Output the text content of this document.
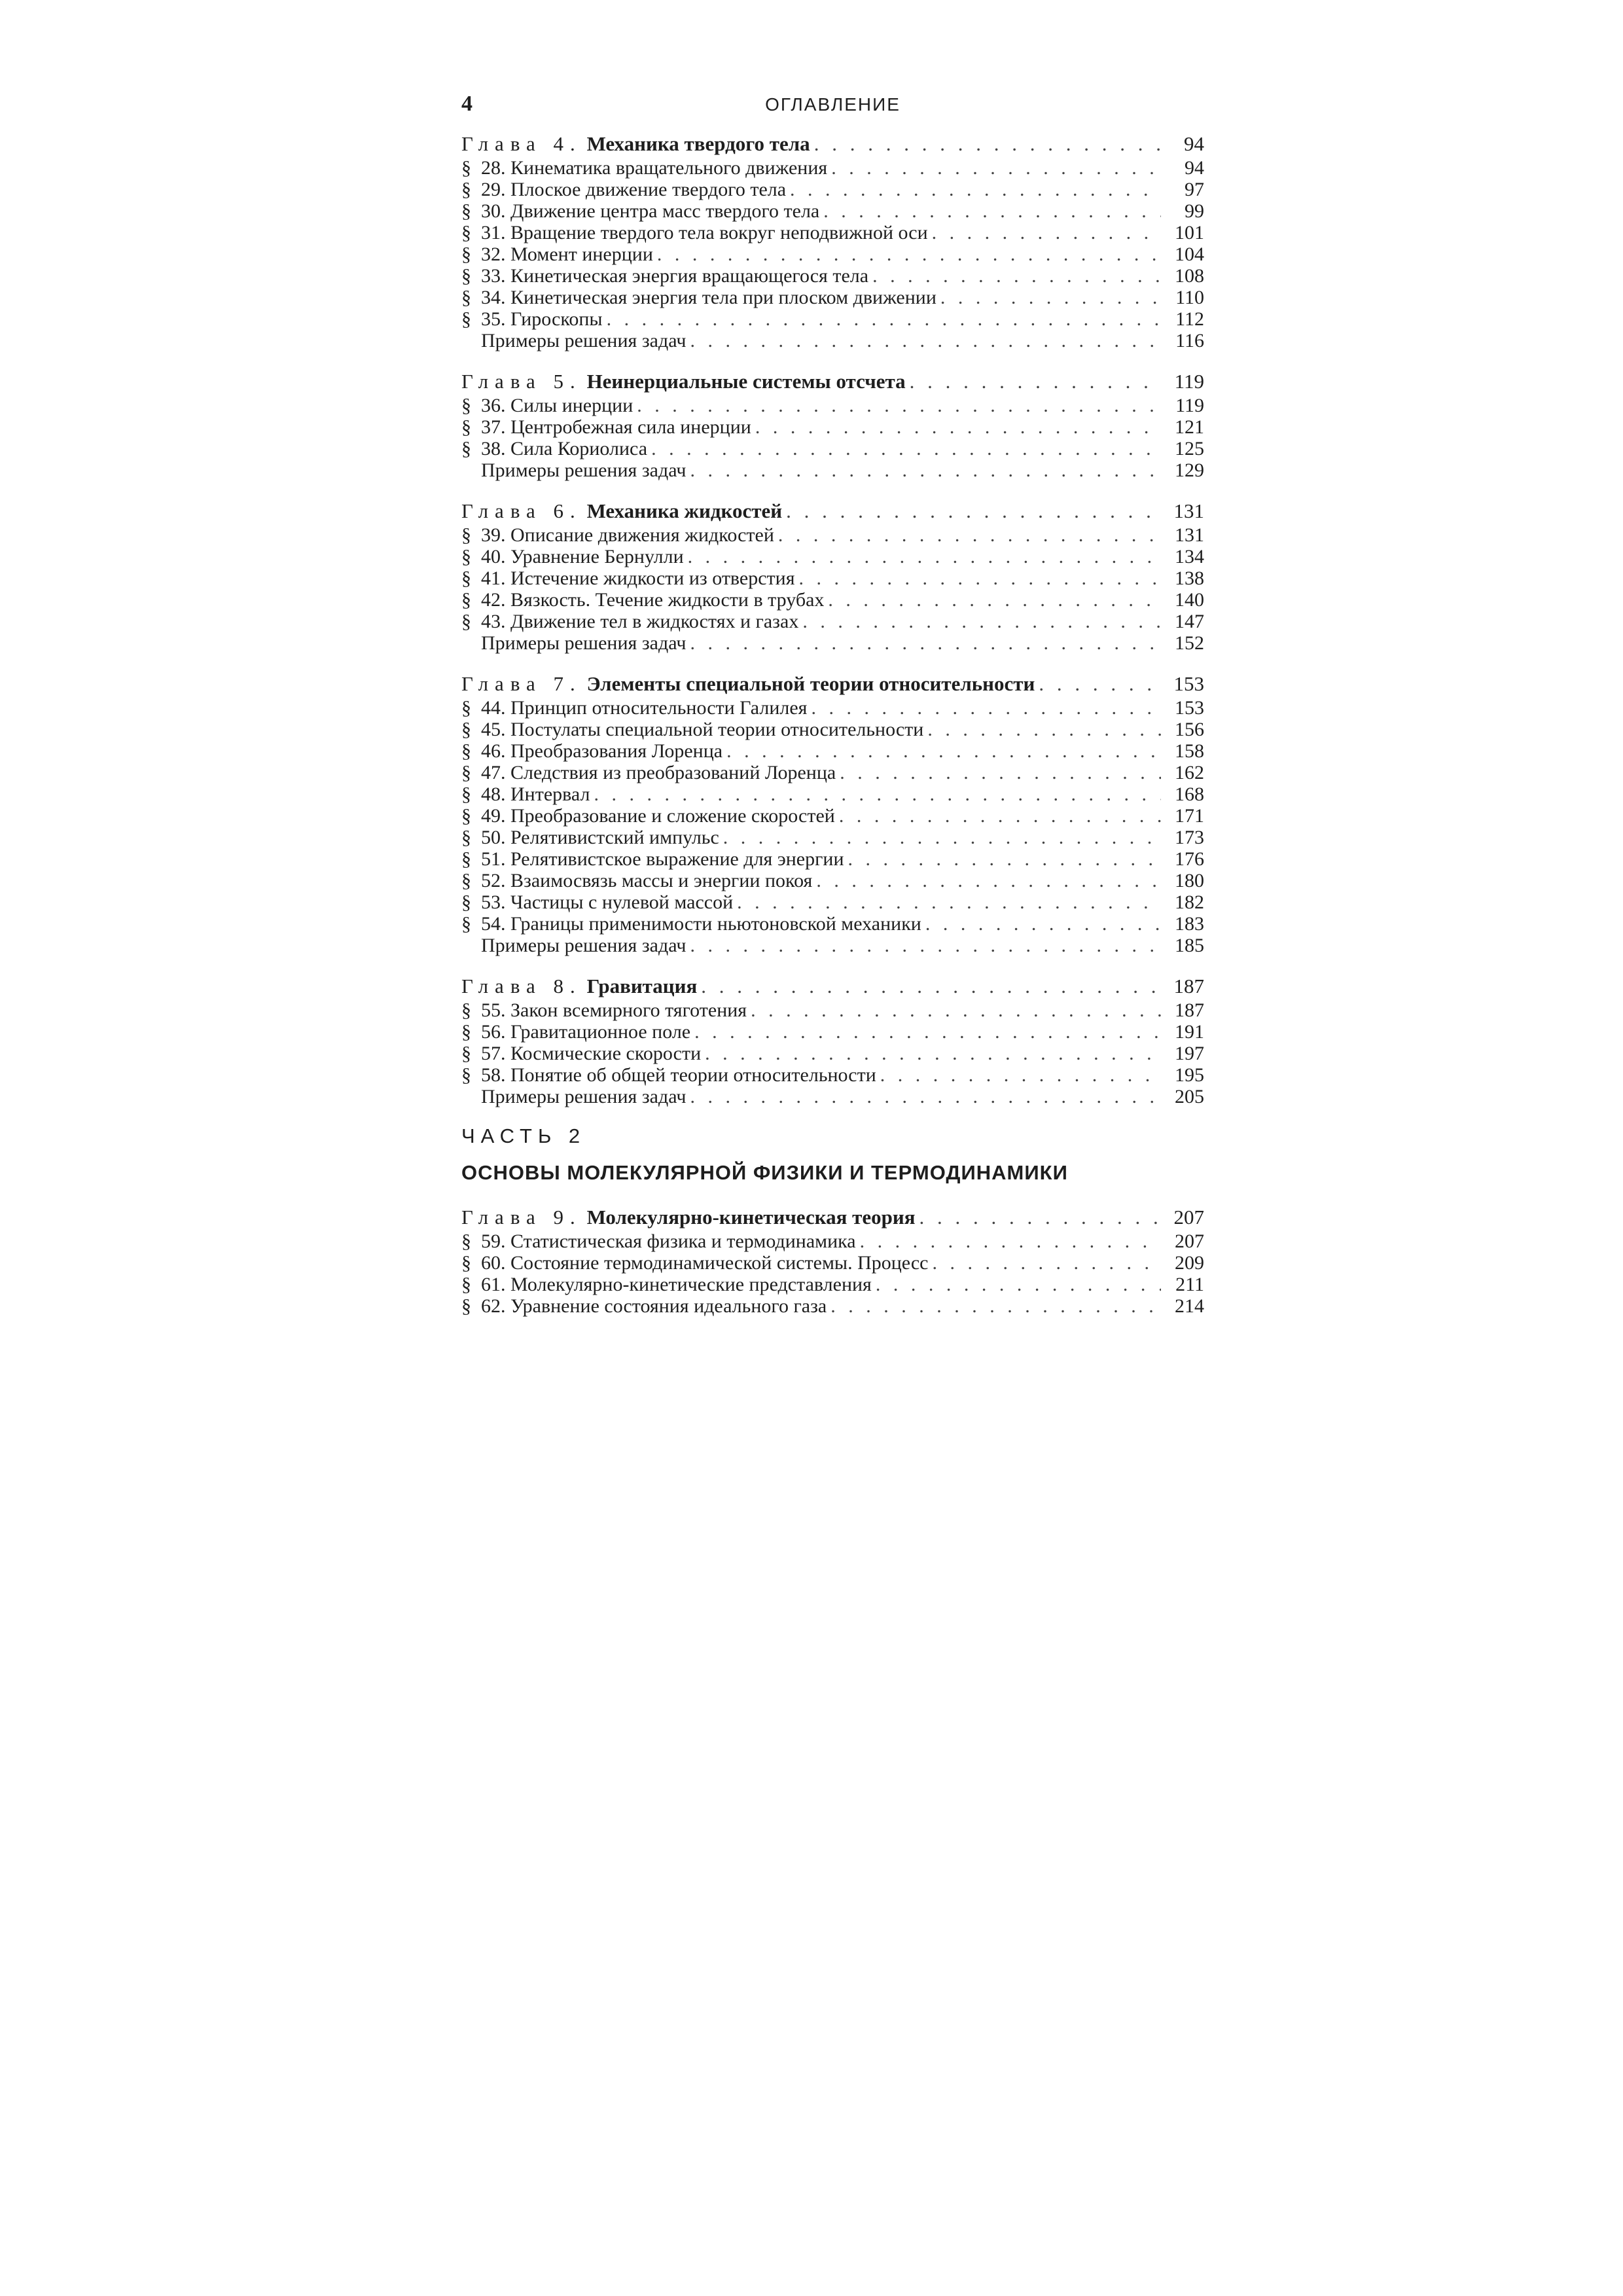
4	ОГЛАВЛЕНИЕ
Глава 4. Механика твердого тела . . .	94
§ 28. Кинематика вращательного движения . . .	94
§ 29. Плоское движение твердого тела . . .	97
§ 30. Движение центра масс твердого тела . . .	99
§ 31. Вращение твердого тела вокруг неподвижной оси . . .	101
§ 32. Момент инерции . . .	104
§ 33. Кинетическая энергия вращающегося тела . . .	108
§ 34. Кинетическая энергия тела при плоском движении . . .	110
§ 35. Гироскопы . . .	112
Примеры решения задач . . .	116
Глава 5. Неинерциальные системы отсчета . . .	119
§ 36. Силы инерции . . .	119
§ 37. Центробежная сила инерции . . .	121
§ 38. Сила Кориолиса . . .	125
Примеры решения задач . . .	129
Глава 6. Механика жидкостей . . .	131
§ 39. Описание движения жидкостей . . .	131
§ 40. Уравнение Бернулли . . .	134
§ 41. Истечение жидкости из отверстия . . .	138
§ 42. Вязкость. Течение жидкости в трубах . . .	140
§ 43. Движение тел в жидкостях и газах . . .	147
Примеры решения задач . . .	152
Глава 7. Элементы специальной теории относительности . . .	153
§ 44. Принцип относительности Галилея . . .	153
§ 45. Постулаты специальной теории относительности . . .	156
§ 46. Преобразования Лоренца . . .	158
§ 47. Следствия из преобразований Лоренца . . .	162
§ 48. Интервал . . .	168
§ 49. Преобразование и сложение скоростей . . .	171
§ 50. Релятивистский импульс . . .	173
§ 51. Релятивистское выражение для энергии . . .	176
§ 52. Взаимосвязь массы и энергии покоя . . .	180
§ 53. Частицы с нулевой массой . . .	182
§ 54. Границы применимости ньютоновской механики . . .	183
Примеры решения задач . . .	185
Глава 8. Гравитация . . .	187
§ 55. Закон всемирного тяготения . . .	187
§ 56. Гравитационное поле . . .	191
§ 57. Космические скорости . . .	197
§ 58. Понятие об общей теории относительности . . .	195
Примеры решения задач . . .	205
ЧАСТЬ 2
ОСНОВЫ МОЛЕКУЛЯРНОЙ ФИЗИКИ И ТЕРМОДИНАМИКИ
Глава 9. Молекулярно-кинетическая теория . . .	207
§ 59. Статистическая физика и термодинамика . . .	207
§ 60. Состояние термодинамической системы. Процесс . . .	209
§ 61. Молекулярно-кинетические представления . . .	211
§ 62. Уравнение состояния идеального газа . . .	214
